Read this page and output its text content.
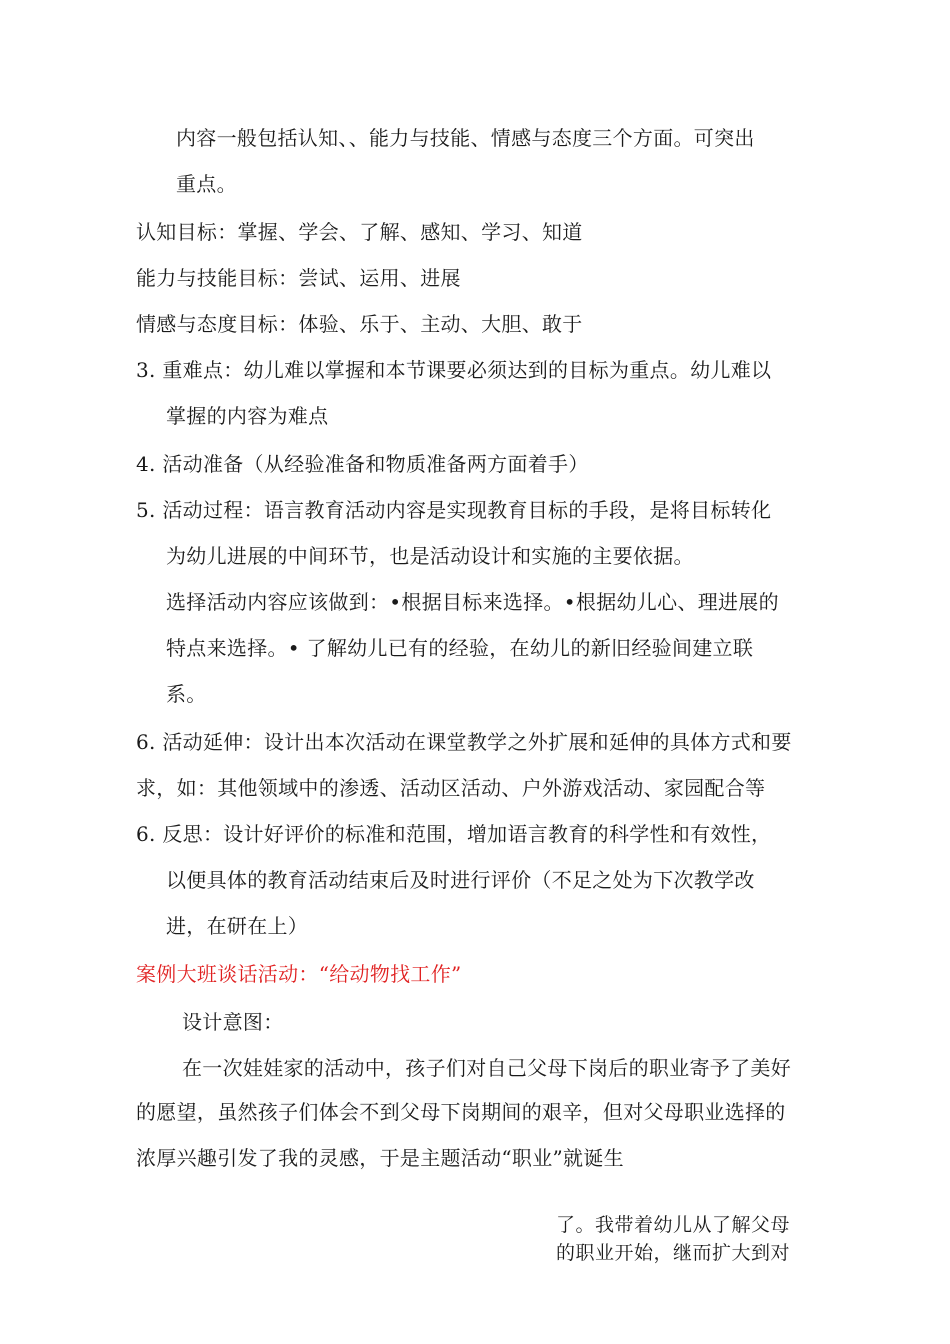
内容一般包括认知、、能力与技能、情感与态度三个方面。可突出
重点。
认知目标：掌握、学会、了解、感知、学习、知道
能力与技能目标：尝试、运用、进展
情感与态度目标：体验、乐于、主动、大胆、敢于
3. 重难点：幼儿难以掌握和本节课要必须达到的目标为重点。幼儿难以
掌握的内容为难点
4. 活动准备（从经验准备和物质准备两方面着手）
5. 活动过程：语言教育活动内容是实现教育目标的手段，是将目标转化
为幼儿进展的中间环节，也是活动设计和实施的主要依据。
选择活动内容应该做到：•根据目标来选择。•根据幼儿心、理进展的
特点来选择。• 了解幼儿已有的经验，在幼儿的新旧经验间建立联
系。
6. 活动延伸：设计出本次活动在课堂教学之外扩展和延伸的具体方式和要
求，如：其他领域中的渗透、活动区活动、户外游戏活动、家园配合等
6. 反思：设计好评价的标准和范围，增加语言教育的科学性和有效性，
以便具体的教育活动结束后及时进行评价（不足之处为下次教学改
进，在研在上）
案例大班谈话活动：“给动物找工作”
设计意图：
在一次娃娃家的活动中，孩子们对自己父母下岗后的职业寄予了美好
的愿望，虽然孩子们体会不到父母下岗期间的艰辛，但对父母职业选择的
浓厚兴趣引发了我的灵感，于是主题活动“职业”就诞生
了。我带着幼儿从了解父母
的职业开始，继而扩大到对
